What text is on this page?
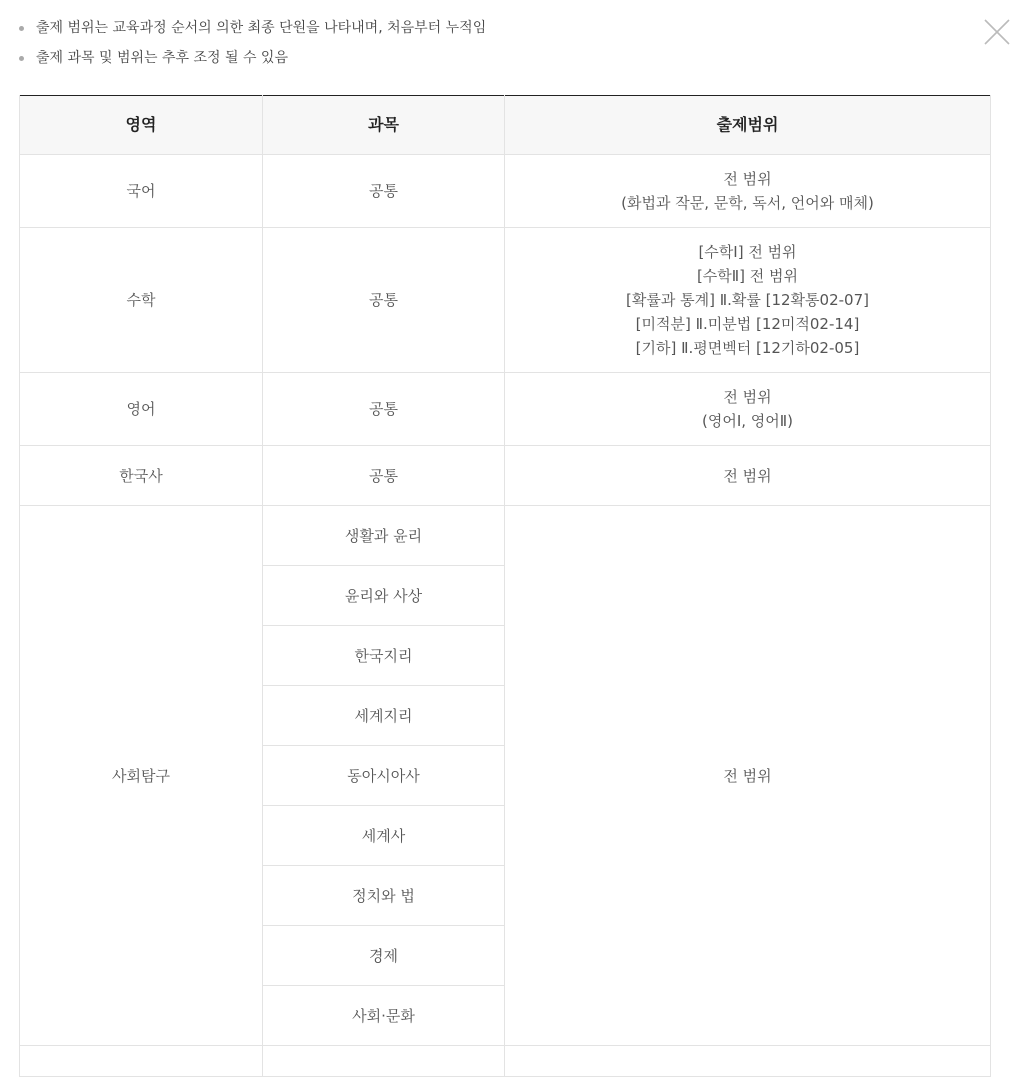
출제 범위는 교육과정 순서의 의한 최종 단원을 나타내며, 처음부터 누적임
출제 과목 및 범위는 추후 조정 될 수 있음
영역	과목	출제범위
국어	공통	전 범위
(화법과 작문, 문학, 독서, 언어와 매체)

수학	공통	[수학Ⅰ] 전 범위
[수학Ⅱ] 전 범위
[확률과 통계] Ⅱ.확률 [12확통02-07]
[미적분] Ⅱ.미분법 [12미적02-14]
[기하] Ⅱ.평면벡터 [12기하02-05]

영어	공통	전 범위
(영어Ⅰ, 영어Ⅱ)

한국사	공통	전 범위
사회탐구	생활과 윤리	전 범위
	윤리와 사상	
	한국지리	
	세계지리	
	동아시아사	
	세계사	
	정치와 법	
	경제	
	사회·문화	
